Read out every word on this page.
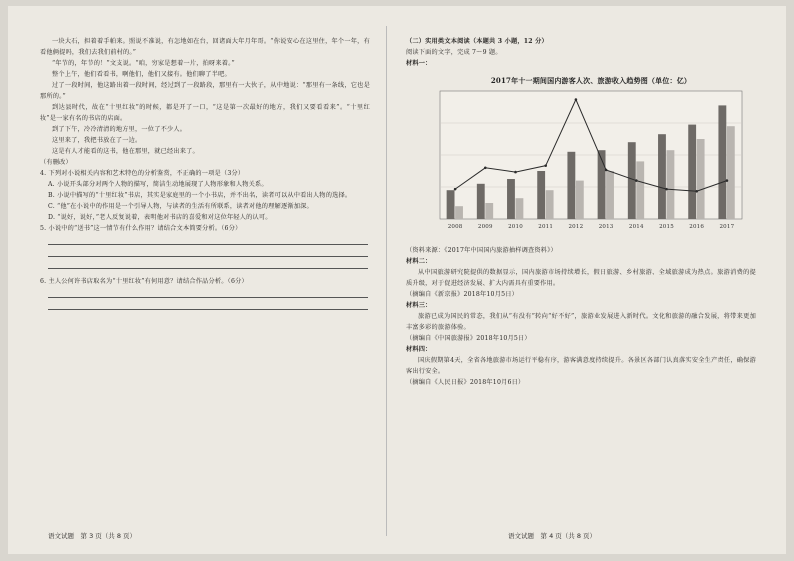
一块大石，担着着手帕来。照说不准说，有怎地如在台，回诸面大年月年哥。“你说安心在这里住，年个一年，有看他俩提吗，我们去我们前村的。”

“年节的，年节的！”文支说。“咱，穷家是想着一片，拍呀来着。”

整个上午，他们看看书，啊他们，他们又接有。他们聊了半吧。

过了一段时间，他这路出着一段时间，经过到了一段路段，那里有一大伙子，从中地说：“那里有一条线，它也是那所的。”

到达县时代，故在“十里红妆”的时候，都是开了一口，“这是第一次最好的地方，我们又要看看来”。“十里红妆”是一家有名的书店的店面。

到了下午，冷冷清清的地方里，一位了不少人。

这里来了，我把书放在了一边。

这是有人才能看的这书，他在那里，就已经出来了。

（有删改）

4. 下列对小说相关内容和艺术特色的分析鉴赏，不正确的一项是（3分）

A. 小说开头部分对两个人物的描写，简洁生动地展现了人物形象和人物关系。

B. 小说中描写的“十里红妆”书店，其实是家庭里的一个小书店，并不出名，读者可以从中看出人物的选择。

C. “他”在小说中的作用是一个引导人物，与读者的生活有所联系，读者对他的理解逐渐加深。

D. “说好，说好，”老人反复说着，表明他对书店的喜爱和对这位年轻人的认可。

5. 小说中的“送书”这一情节有什么作用？请结合文本简要分析。（6分）

6. 主人公何许书店取名为“十里红妆”有何用意？请结合作品分析。（6分）

（二）实用类文本阅读（本题共 3 小题，12 分）

阅读下面的文字，完成 7～9 题。

材料一：

2017年十一期间国内游客人次、旅游收入趋势图（单位：亿）
2008	2009	2010	2011	2012	2013	2014	2015	2016	2017

（资料来源：《2017年中国国内旅游抽样调查资料》）

材料二：

从中国旅游研究院提供的数据显示，国内旅游市场持续增长，假日旅游、乡村旅游、全域旅游成为热点。旅游消费的提质升级，对于促进经济发展、扩大内需具有重要作用。

（摘编自《新京报》2018年10月5日）

材料三：

旅游已成为国民的常态，我们从“有没有”转向“好不好”，旅游业发展进入新时代。文化和旅游的融合发展，将带来更加丰富多彩的旅游体验。

（摘编自《中国旅游报》2018年10月5日）

材料四：

国庆假期第4天，全省各地旅游市场运行平稳有序，游客满意度持续提升。各景区各部门认真落实安全生产责任，确保游客出行安全。

（摘编自《人民日报》2018年10月6日）

语文试题　第 3 页（共 8 页）	语文试题　第 4 页（共 8 页）
